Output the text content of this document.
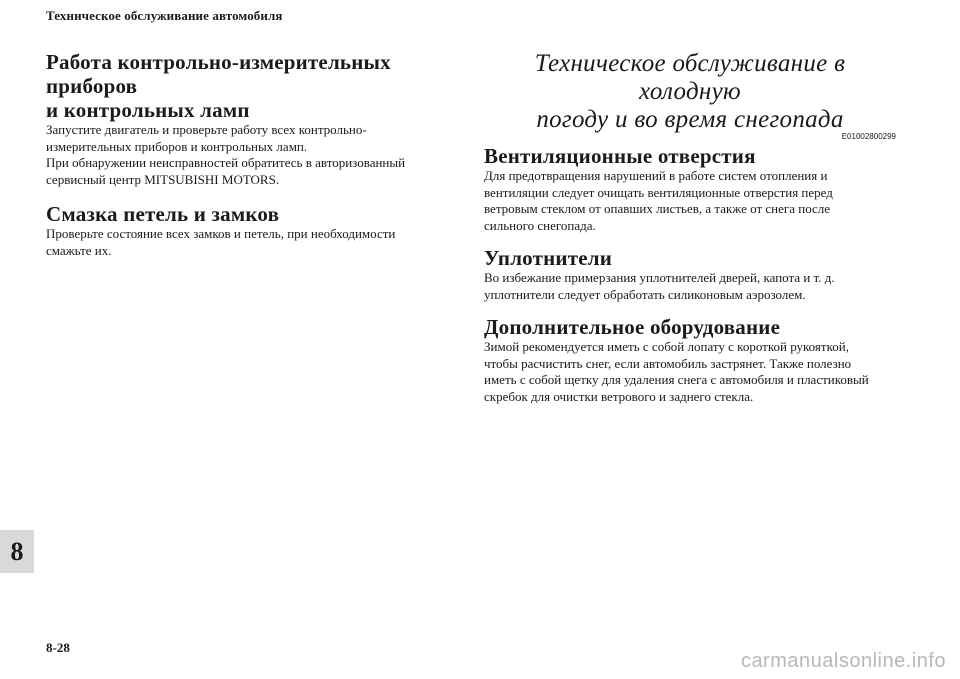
Техническое обслуживание автомобиля
Работа контрольно-измерительных приборов
и контрольных ламп

Запустите двигатель и проверьте работу всех контрольно-
измерительных приборов и контрольных ламп.
При обнаружении неисправностей обратитесь в авторизованный
сервисный центр MITSUBISHI MOTORS.

Смазка петель и замков

Проверьте состояние всех замков и петель, при необходимости
смажьте их.

Техническое обслуживание в холодную
погоду и во время снегопада
E01002800299
Вентиляционные отверстия

Для предотвращения нарушений в работе систем отопления и
вентиляции следует очищать вентиляционные отверстия перед
ветровым стеклом от опавших листьев, а также от снега после
сильного снегопада.

Уплотнители

Во избежание примерзания уплотнителей дверей, капота и т. д.
уплотнители следует обработать силиконовым аэрозолем.

Дополнительное оборудование

Зимой рекомендуется иметь с собой лопату с короткой рукояткой,
чтобы расчистить снег, если автомобиль застрянет. Также полезно
иметь с собой щетку для удаления снега с автомобиля и пластиковый
скребок для очистки ветрового и заднего стекла.

8
8-28
carmanualsonline.info
